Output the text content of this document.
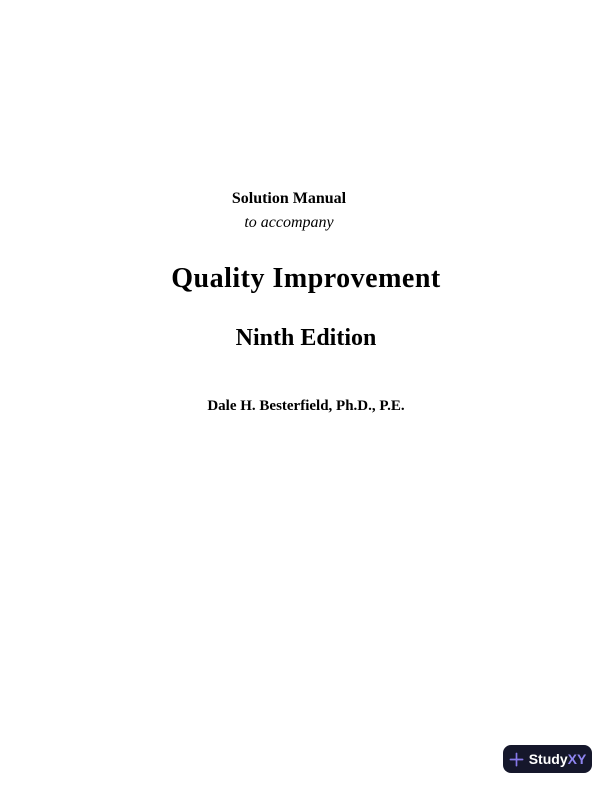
Solution Manual
to accompany
Quality Improvement
Ninth Edition
Dale H. Besterfield, Ph.D., P.E.
StudyXY
